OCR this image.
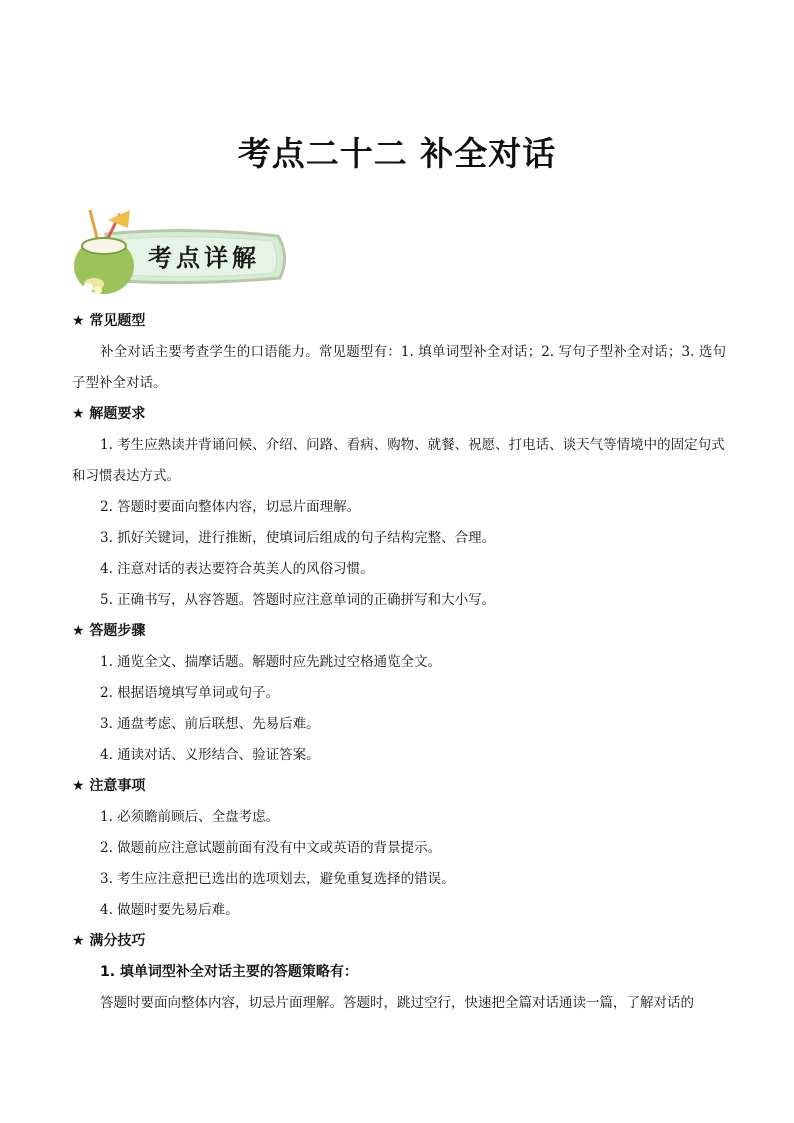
考点二十二 补全对话
考点详解
★ 常见题型
补全对话主要考查学生的口语能力。常见题型有：1. 填单词型补全对话；2. 写句子型补全对话；3. 选句子型补全对话。
★ 解题要求
1. 考生应熟读并背诵问候、介绍、问路、看病、购物、就餐、祝愿、打电话、谈天气等情境中的固定句式和习惯表达方式。
2. 答题时要面向整体内容，切忌片面理解。
3. 抓好关键词，进行推断，使填词后组成的句子结构完整、合理。
4. 注意对话的表达要符合英美人的风俗习惯。
5. 正确书写，从容答题。答题时应注意单词的正确拼写和大小写。
★ 答题步骤
1. 通览全文、揣摩话题。解题时应先跳过空格通览全文。
2. 根据语境填写单词或句子。
3. 通盘考虑、前后联想、先易后难。
4. 通读对话、义形结合、验证答案。
★ 注意事项
1. 必须瞻前顾后、全盘考虑。
2. 做题前应注意试题前面有没有中文或英语的背景提示。
3. 考生应注意把已选出的选项划去，避免重复选择的错误。
4. 做题时要先易后难。
★ 满分技巧
1. 填单词型补全对话主要的答题策略有：
答题时要面向整体内容，切忌片面理解。答题时，跳过空行，快速把全篇对话通读一篇，了解对话的
